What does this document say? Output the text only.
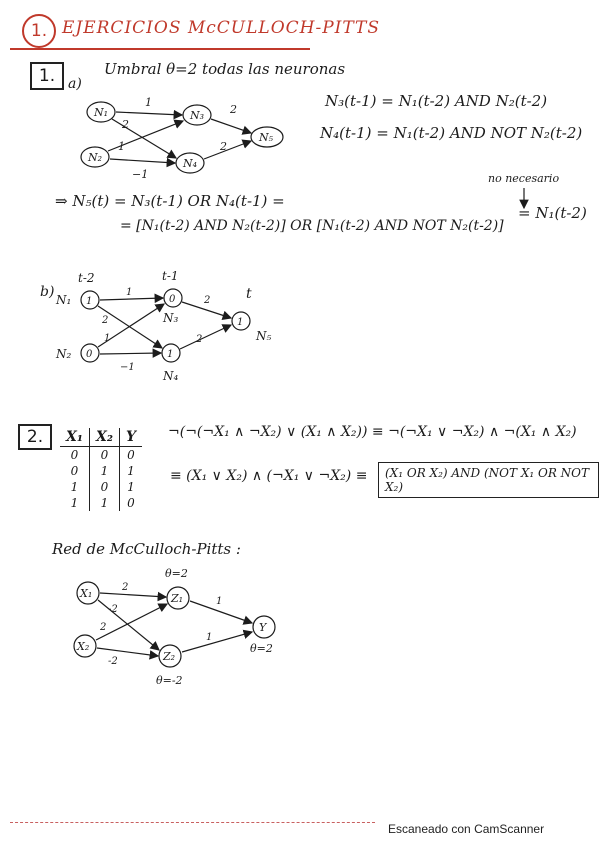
1. EJERCICIOS McCULLOCH-PITTS
1. a)
Umbral θ=2 todas las neuronas
N₃(t-1) = N₁(t-2) AND N₂(t-2)
N₄(t-1) = N₁(t-2) AND NOT N₂(t-2)
no necesario
⇒ N₅(t) = N₃(t-1) OR N₄(t-1) =
= [N₁(t-2) AND N₂(t-2)] OR [N₁(t-2) AND NOT N₂(t-2)]
= N₁(t-2)
b)
2.	X₁	X₂	Y
0	0	0
0	1	1
1	0	1
1	1	0
¬(¬(¬X₁ ∧ ¬X₂) ∨ (X₁ ∧ X₂)) ≡ ¬(¬X₁ ∨ ¬X₂) ∧ ¬(X₁ ∧ X₂)
≡ (X₁ ∨ X₂) ∧ (¬X₁ ∨ ¬X₂) ≡	(X₁ OR X₂) AND (NOT X₁ OR NOT X₂)
Red de McCulloch-Pitts :
N₁
N₂
N₃
N₄
N₅
1
2
1
−1
2
2
t-2	t-1
t
1
0
0
1
1
N₁
N₂
N₃
N₄
N₅
1
2
1
−1
2
2
X₁
X₂
Z₁
Z₂
Y
θ=2
θ=-2
θ=2
2
-2
2
-2
1
1
Escaneado con CamScanner
